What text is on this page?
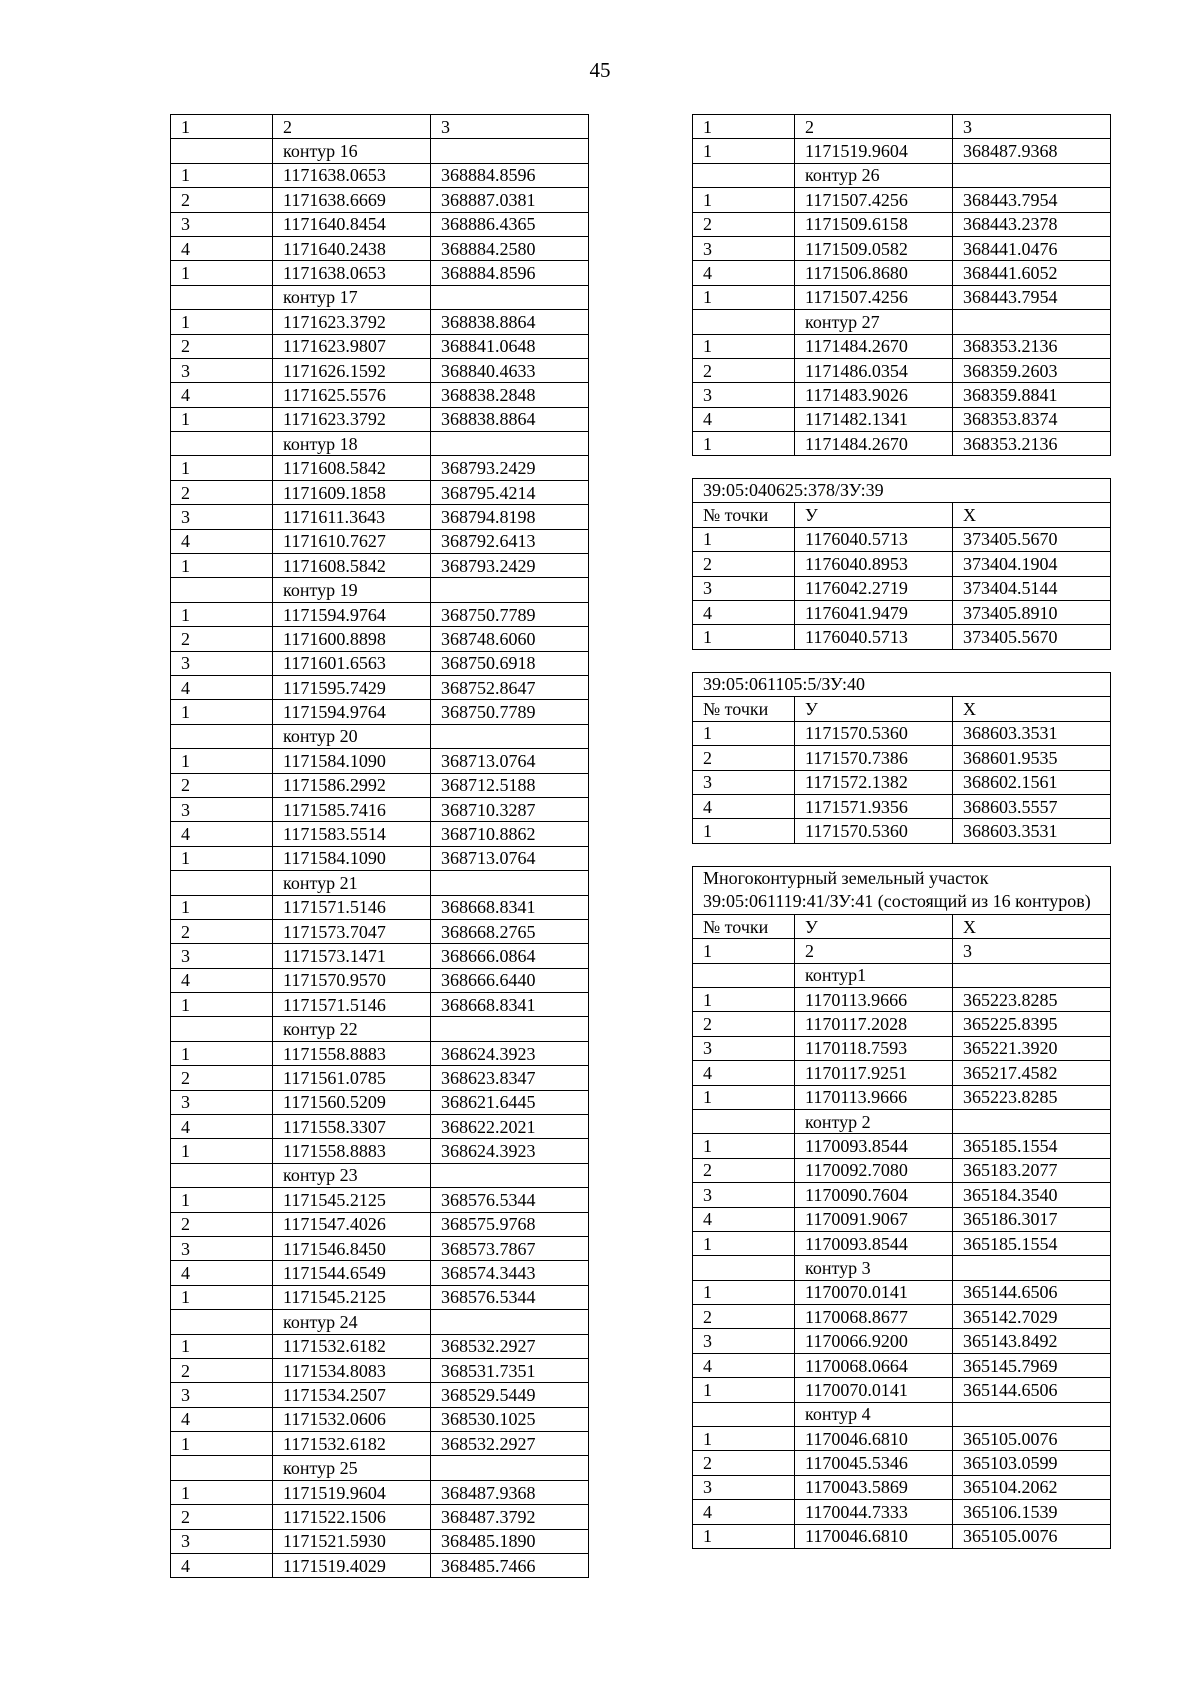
45
1	2	3
	контур 16	
1	1171638.0653	368884.8596
2	1171638.6669	368887.0381
3	1171640.8454	368886.4365
4	1171640.2438	368884.2580
1	1171638.0653	368884.8596
	контур 17	
1	1171623.3792	368838.8864
2	1171623.9807	368841.0648
3	1171626.1592	368840.4633
4	1171625.5576	368838.2848
1	1171623.3792	368838.8864
	контур 18	
1	1171608.5842	368793.2429
2	1171609.1858	368795.4214
3	1171611.3643	368794.8198
4	1171610.7627	368792.6413
1	1171608.5842	368793.2429
	контур 19	
1	1171594.9764	368750.7789
2	1171600.8898	368748.6060
3	1171601.6563	368750.6918
4	1171595.7429	368752.8647
1	1171594.9764	368750.7789
	контур 20	
1	1171584.1090	368713.0764
2	1171586.2992	368712.5188
3	1171585.7416	368710.3287
4	1171583.5514	368710.8862
1	1171584.1090	368713.0764
	контур 21	
1	1171571.5146	368668.8341
2	1171573.7047	368668.2765
3	1171573.1471	368666.0864
4	1171570.9570	368666.6440
1	1171571.5146	368668.8341
	контур 22	
1	1171558.8883	368624.3923
2	1171561.0785	368623.8347
3	1171560.5209	368621.6445
4	1171558.3307	368622.2021
1	1171558.8883	368624.3923
	контур 23	
1	1171545.2125	368576.5344
2	1171547.4026	368575.9768
3	1171546.8450	368573.7867
4	1171544.6549	368574.3443
1	1171545.2125	368576.5344
	контур 24	
1	1171532.6182	368532.2927
2	1171534.8083	368531.7351
3	1171534.2507	368529.5449
4	1171532.0606	368530.1025
1	1171532.6182	368532.2927
	контур 25	
1	1171519.9604	368487.9368
2	1171522.1506	368487.3792
3	1171521.5930	368485.1890
4	1171519.4029	368485.7466
1	2	3
1	1171519.9604	368487.9368
	контур 26	
1	1171507.4256	368443.7954
2	1171509.6158	368443.2378
3	1171509.0582	368441.0476
4	1171506.8680	368441.6052
1	1171507.4256	368443.7954
	контур 27	
1	1171484.2670	368353.2136
2	1171486.0354	368359.2603
3	1171483.9026	368359.8841
4	1171482.1341	368353.8374
1	1171484.2670	368353.2136
39:05:040625:378/ЗУ:39		
№ точки	У	Х
1	1176040.5713	373405.5670
2	1176040.8953	373404.1904
3	1176042.2719	373404.5144
4	1176041.9479	373405.8910
1	1176040.5713	373405.5670
39:05:061105:5/ЗУ:40		
№ точки	У	Х
1	1171570.5360	368603.3531
2	1171570.7386	368601.9535
3	1171572.1382	368602.1561
4	1171571.9356	368603.5557
1	1171570.5360	368603.3531
Многоконтурный земельный участок 39:05:061119:41/ЗУ:41 (состоящий из 16 контуров)		
№ точки	У	Х
1	2	3
	контур1	
1	1170113.9666	365223.8285
2	1170117.2028	365225.8395
3	1170118.7593	365221.3920
4	1170117.9251	365217.4582
1	1170113.9666	365223.8285
	контур 2	
1	1170093.8544	365185.1554
2	1170092.7080	365183.2077
3	1170090.7604	365184.3540
4	1170091.9067	365186.3017
1	1170093.8544	365185.1554
	контур 3	
1	1170070.0141	365144.6506
2	1170068.8677	365142.7029
3	1170066.9200	365143.8492
4	1170068.0664	365145.7969
1	1170070.0141	365144.6506
	контур 4	
1	1170046.6810	365105.0076
2	1170045.5346	365103.0599
3	1170043.5869	365104.2062
4	1170044.7333	365106.1539
1	1170046.6810	365105.0076
